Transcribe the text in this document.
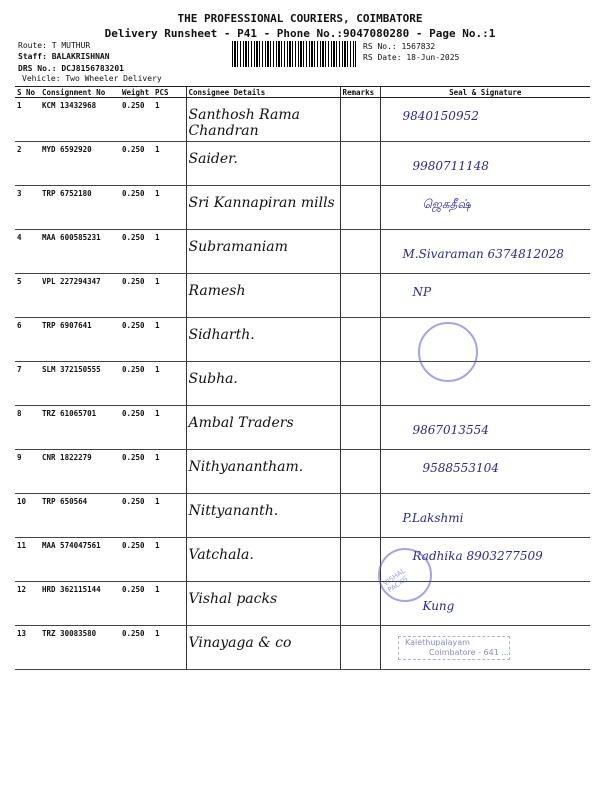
THE PROFESSIONAL COURIERS, COIMBATORE
Delivery Runsheet - P41 - Phone No.:9047080280 - Page No.:1
Route: T MUTHUR
Staff: BALAKRISHNAN
DRS No.: DCJ8156783201
Vehicle: Two Wheeler Delivery
RS No.: 1567832
RS Date: 18-Jun-2025
S No	Consignment No	Weight	PCS	Consignee Details	Remarks	Seal & Signature
1	KCM 13432968	0.250	1	Santhosh Rama Chandran		9840150952

2	MYD 6592920	0.250	1	Saider.		9980711148

3	TRP 6752180	0.250	1	Sri Kannapiran mills		ஜெகதீஷ்

4	MAA 600585231	0.250	1	Subramaniam		M.Sivaraman 6374812028

5	VPL 227294347	0.250	1	Ramesh		NP

6	TRP 6907641	0.250	1	Sidharth.		

7	SLM 372150555	0.250	1	Subha.		

8	TRZ 61065701	0.250	1	Ambal Traders		9867013554

9	CNR 1822279	0.250	1	Nithyanantham.		9588553104

10	TRP 650564	0.250	1	Nittyananth.		P.Lakshmi

11	MAA 574047561	0.250	1	Vatchala.		Radhika 8903277509

12	HRD 362115144	0.250	1	Vishal packs		Kung

13	TRZ 30083580	0.250	1	Vinayaga & co		

VISHAL PACKS
Kalethupalayam
Coimbatore - 641 ...
